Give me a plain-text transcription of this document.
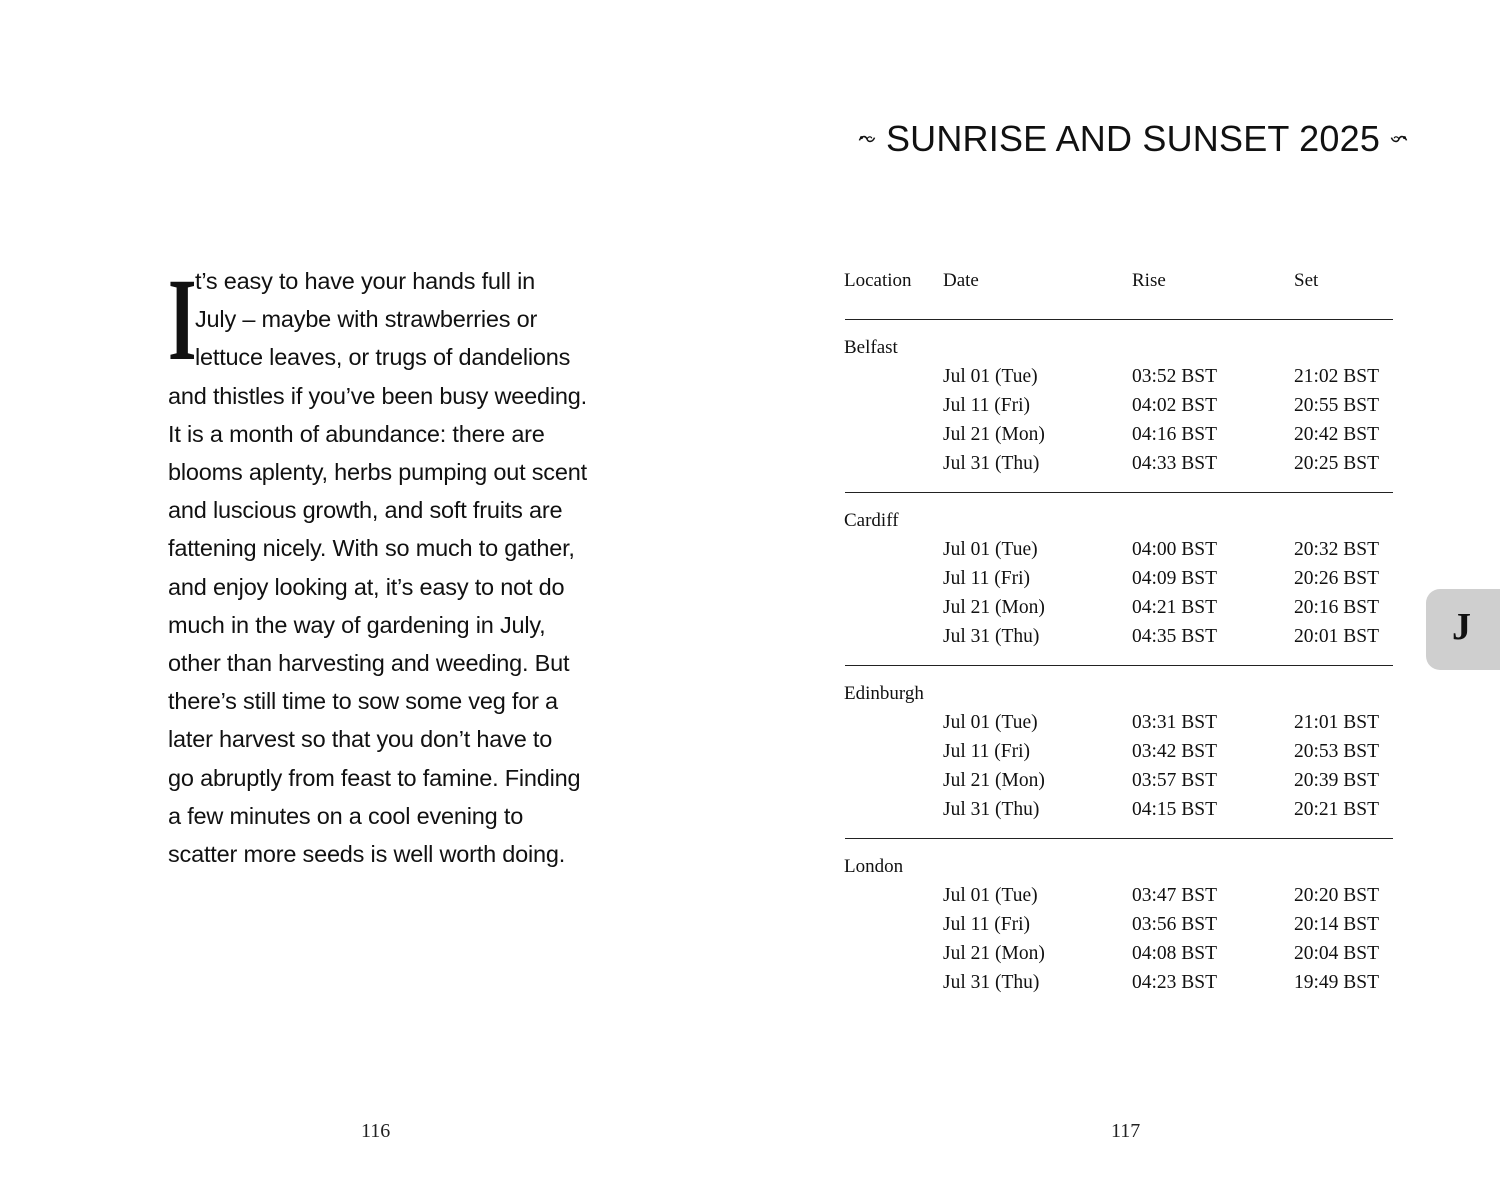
I
t’s easy to have your hands full in
July – maybe with strawberries or
lettuce leaves, or trugs of dandelions
and thistles if you’ve been busy weeding.
It is a month of abundance: there are
blooms aplenty, herbs pumping out scent
and luscious growth, and soft fruits are
fattening nicely. With so much to gather,
and enjoy looking at, it’s easy to not do
much in the way of gardening in July,
other than harvesting and weeding. But
there’s still time to sow some veg for a
later harvest so that you don’t have to
go abruptly from feast to famine. Finding
a few minutes on a cool evening to
scatter more seeds is well worth doing.
116
SUNRISE AND SUNSET 2025
Location Date	Rise	Set
Belfast
Jul 01 (Tue)	03:52 BST	21:02 BST
Jul 11 (Fri)	04:02 BST	20:55 BST
Jul 21 (Mon)	04:16 BST	20:42 BST
Jul 31 (Thu)	04:33 BST	20:25 BST
Cardiff
Jul 01 (Tue)	04:00 BST	20:32 BST
Jul 11 (Fri)	04:09 BST	20:26 BST
Jul 21 (Mon)	04:21 BST	20:16 BST
Jul 31 (Thu)	04:35 BST	20:01 BST
Edinburgh
Jul 01 (Tue)	03:31 BST	21:01 BST
Jul 11 (Fri)	03:42 BST	20:53 BST
Jul 21 (Mon)	03:57 BST	20:39 BST
Jul 31 (Thu)	04:15 BST	20:21 BST
London
Jul 01 (Tue)	03:47 BST	20:20 BST
Jul 11 (Fri)	03:56 BST	20:14 BST
Jul 21 (Mon)	04:08 BST	20:04 BST
Jul 31 (Thu)	04:23 BST	19:49 BST
J
117
